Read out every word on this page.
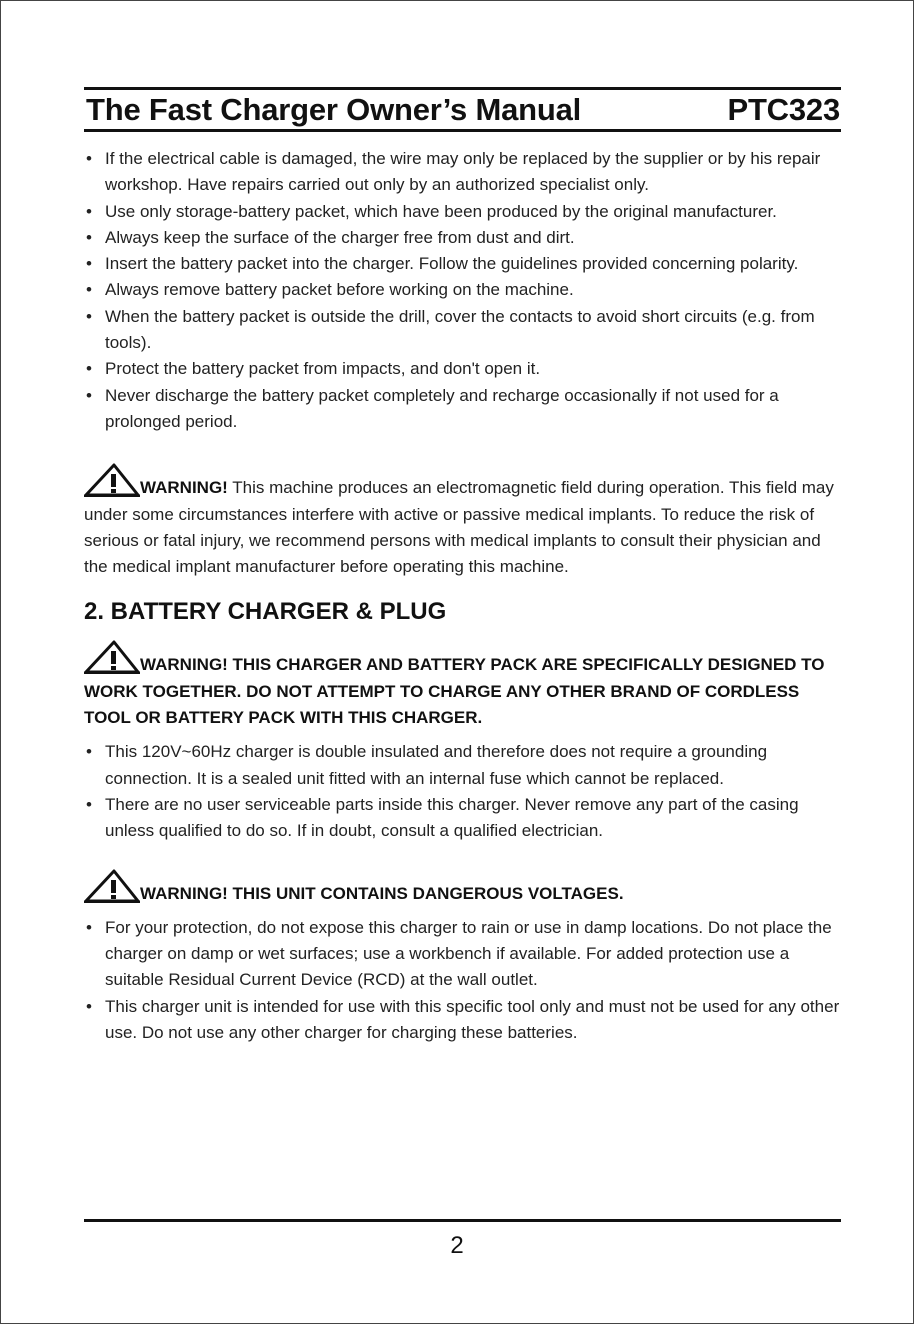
The Fast Charger Owner’s Manual	PTC323
• If the electrical cable is damaged, the wire may only be replaced by the supplier or by his repair workshop. Have repairs carried out only by an authorized specialist only.
• Use only storage-battery packet, which have been produced by the original manufacturer.
• Always keep the surface of the charger free from dust and dirt.
• Insert the battery packet into the charger. Follow the guidelines provided concerning polarity.
• Always remove battery packet before working on the machine.
• When the battery packet is outside the drill, cover the contacts to avoid short circuits (e.g. from tools).
• Protect the battery packet from impacts, and don't open it.
• Never discharge the battery packet completely and recharge occasionally if not used for a prolonged period.
WARNING! This machine produces an electromagnetic field during operation. This field may under some circumstances interfere with active or passive medical implants. To reduce the risk of serious or fatal injury, we recommend persons with medical implants to consult their physician and the medical implant manufacturer before operating this machine.
2. BATTERY CHARGER & PLUG
WARNING! THIS CHARGER AND BATTERY PACK ARE SPECIFICALLY DESIGNED TO WORK TOGETHER. DO NOT ATTEMPT TO CHARGE ANY OTHER BRAND OF CORDLESS TOOL OR BATTERY PACK WITH THIS CHARGER.
• This 120V~60Hz charger is double insulated and therefore does not require a grounding connection. It is a sealed unit fitted with an internal fuse which cannot be replaced.
• There are no user serviceable parts inside this charger. Never remove any part of the casing unless qualified to do so. If in doubt, consult a qualified electrician.
WARNING! THIS UNIT CONTAINS DANGEROUS VOLTAGES.
• For your protection, do not expose this charger to rain or use in damp locations. Do not place the charger on damp or wet surfaces; use a workbench if available. For added protection use a suitable Residual Current Device (RCD) at the wall outlet.
• This charger unit is intended for use with this specific tool only and must not be used for any other use. Do not use any other charger for charging these batteries.
2
